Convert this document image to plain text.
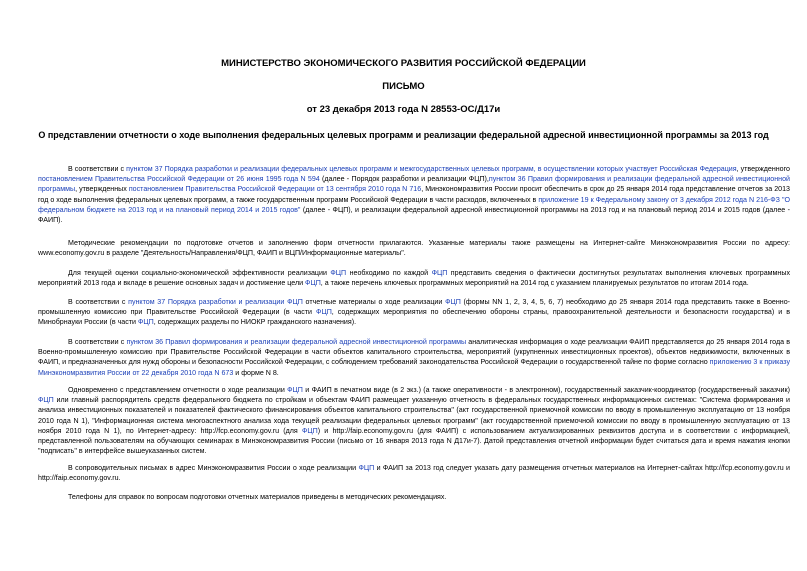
МИНИСТЕРСТВО ЭКОНОМИЧЕСКОГО РАЗВИТИЯ РОССИЙСКОЙ ФЕДЕРАЦИИ
ПИСЬМО
от 23 декабря 2013 года N 28553-ОС/Д17и
О представлении отчетности о ходе выполнения федеральных целевых программ и реализации федеральной адресной инвестиционной программы за 2013 год
В соответствии с пунктом 37 Порядка разработки и реализации федеральных целевых программ и межгосударственных целевых программ, в осуществлении которых участвует Российская Федерация, утвержденного постановлением Правительства Российской Федерации от 26 июня 1995 года N 594 (далее - Порядок разработки и реализации ФЦП),пунктом 36 Правил формирования и реализации федеральной адресной инвестиционной программы, утвержденных постановлением Правительства Российской Федерации от 13 сентября 2010 года N 716, Минэкономразвития России просит обеспечить в срок до 25 января 2014 года представление отчетов за 2013 год о ходе выполнения федеральных целевых программ, а также государственным программ Российской Федерации в части расходов, включенных в приложение 19 к Федеральному закону от 3 декабря 2012 года N 216-ФЗ "О федеральном бюджете на 2013 год и на плановый период 2014 и 2015 годов" (далее - ФЦП), и реализации федеральной адресной инвестиционной программы на 2013 год и на плановый период 2014 и 2015 годов (далее - ФАИП).
Методические рекомендации по подготовке отчетов и заполнению форм отчетности прилагаются. Указанные материалы также размещены на Интернет-сайте Минэкономразвития России по адресу: www.economy.gov.ru в разделе "Деятельность/Направления/ФЦП, ФАИП и ВЦП/Информационные материалы".
Для текущей оценки социально-экономической эффективности реализации ФЦП необходимо по каждой ФЦП представить сведения о фактически достигнутых результатах выполнения ключевых программных мероприятий 2013 года и вкладе в решение основных задач и достижение цели ФЦП, а также перечень ключевых программных мероприятий на 2014 год с указанием планируемых результатов по итогам 2014 года.
В соответствии с пунктом 37 Порядка разработки и реализации ФЦП отчетные материалы о ходе реализации ФЦП (формы NN 1, 2, 3, 4, 5, 6, 7) необходимо до 25 января 2014 года представить также в Военно-промышленную комиссию при Правительстве Российской Федерации (в части ФЦП, содержащих мероприятия по обеспечению обороны страны, правоохранительной деятельности и безопасности государства) и в Минобрнауки России (в части ФЦП, содержащих разделы по НИОКР гражданского назначения).
В соответствии с пунктом 36 Правил формирования и реализации федеральной адресной инвестиционной программы аналитическая информация о ходе реализации ФАИП представляется до 25 января 2014 года в Военно-промышленную комиссию при Правительстве Российской Федерации в части объектов капитального строительства, мероприятий (укрупненных инвестиционных проектов), объектов недвижимости, включенных в ФАИП, и предназначенных для нужд обороны и безопасности Российской Федерации, с соблюдением требований законодательства Российской Федерации о государственной тайне по форме согласно приложению 3 к приказу Минэкономразвития России от 22 декабря 2010 года N 673 и форме N 8.
Одновременно с представлением отчетности о ходе реализации ФЦП и ФАИП в печатном виде (в 2 экз.) (а также оперативности - в электронном), государственный заказчик-координатор (государственный заказчик) ФЦП или главный распорядитель средств федерального бюджета по стройкам и объектам ФАИП размещает указанную отчетность в федеральных государственных информационных системах: "Система формирования и анализа инвестиционных показателей и показателей фактического финансирования объектов капитального строительства" (акт государственной приемочной комиссии по вводу в промышленную эксплуатацию от 13 ноября 2010 года N 1), "Информационная система многоаспектного анализа хода текущей реализации федеральных целевых программ" (акт государственной приемочной комиссии по вводу в промышленную эксплуатацию от 13 ноября 2010 года N 1), по Интернет-адресу: http://fcp.economy.gov.ru (для ФЦП) и http://faip.economy.gov.ru (для ФАИП) с использованием актуализированных реквизитов доступа и в соответствии с информацией, представленной пользователям на обучающих семинарах в Минэкономразвития России (письмо от 16 января 2013 года N Д17и-7). Датой представления отчетной информации будет считаться дата и время нажатия кнопки "подписать" в интерфейсе вышеуказанных систем.
В сопроводительных письмах в адрес Минэкономразвития России о ходе реализации ФЦП и ФАИП за 2013 год следует указать дату размещения отчетных материалов на Интернет-сайтах http://fcp.economy.gov.ru и http://faip.economy.gov.ru.
Телефоны для справок по вопросам подготовки отчетных материалов приведены в методических рекомендациях.
